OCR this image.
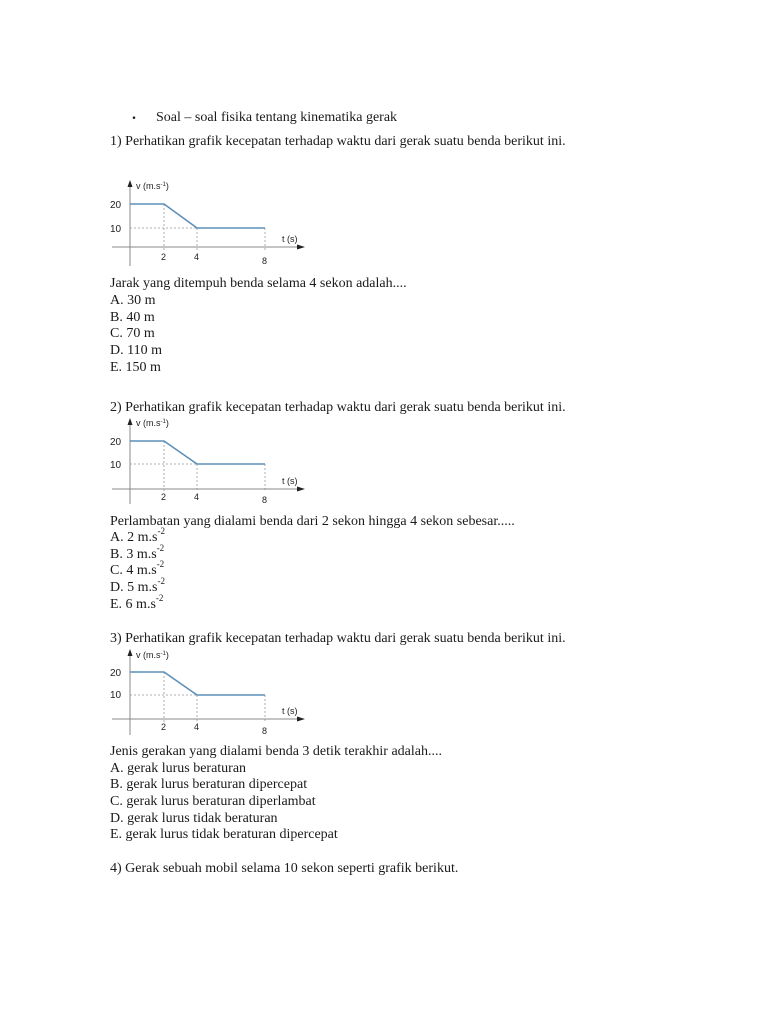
. Soal – soal fisika tentang kinematika gerak
1) Perhatikan grafik kecepatan terhadap waktu dari gerak suatu benda berikut ini.
v $(m.s^{-1})$
20
10
t (s)
2	4	8
Jarak yang ditempuh benda selama 4 sekon adalah....
A. 30 m
B. 40 m
C. 70 m
D. 110 m
E. 150 m
2) Perhatikan grafik kecepatan terhadap waktu dari gerak suatu benda berikut ini.
v $(m.s^{-1})$
20
10
t (s)
2	4	8
Perlambatan yang dialami benda dari 2 sekon hingga 4 sekon sebesar.....
A. 2 $m.s^{-2}$
B. 3 $m.s^{-2}$
C. 4 $m.s^{-2}$
D. 5 $m.s^{-2}$
E. 6 $m.s^{-2}$
3) Perhatikan grafik kecepatan terhadap waktu dari gerak suatu benda berikut ini.
v $(m.s^{-1})$
20
10
t (s)
2	4	8
Jenis gerakan yang dialami benda 3 detik terakhir adalah....
A. gerak lurus beraturan
B. gerak lurus beraturan dipercepat
C. gerak lurus beraturan diperlambat
D. gerak lurus tidak beraturan
E. gerak lurus tidak beraturan dipercepat
4) Gerak sebuah mobil selama 10 sekon seperti grafik berikut.
